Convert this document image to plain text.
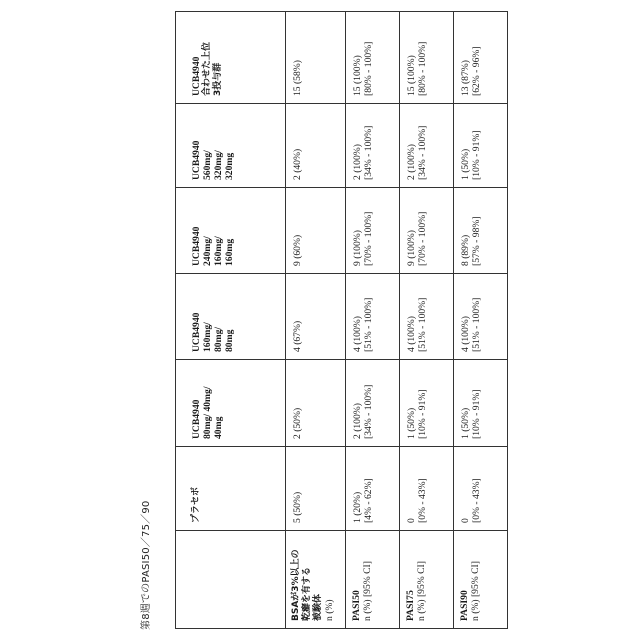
第8週でのPASI50／75／90
		プラセボ

UCB4940 80mg/ 40mg/ 40mg

UCB4940 160mg/ 80mg/ 80mg

UCB4940 240mg/ 160mg/ 160mg

UCB4940 560mg/ 320mg/ 320mg

UCB4940 合わせた上位 3投与群

BSAが3%以上の 乾癬を有する 被験体 n (%)

5 (50%)

2 (50%)

4 (67%)

9 (60%)

2 (40%)

15 (58%)

PASI50 n (%) [95% CI]

1 (20%) [4% - 62%]

2 (100%) [34% - 100%]

4 (100%) [51% - 100%]

9 (100%) [70% - 100%]

2 (100%) [34% - 100%]

15 (100%) [80% - 100%]

PASI75 n (%) [95% CI]

0 [0% - 43%]

1 (50%) [10% - 91%]

4 (100%) [51% - 100%]

9 (100%) [70% - 100%]

2 (100%) [34% - 100%]

15 (100%) [80% - 100%]

PASI90 n (%) [95% CI]

0 [0% - 43%]

1 (50%) [10% - 91%]

4 (100%) [51% - 100%]

8 (89%) [57% - 98%]

1 (50%) [10% - 91%]

13 (87%) [62% - 96%]
